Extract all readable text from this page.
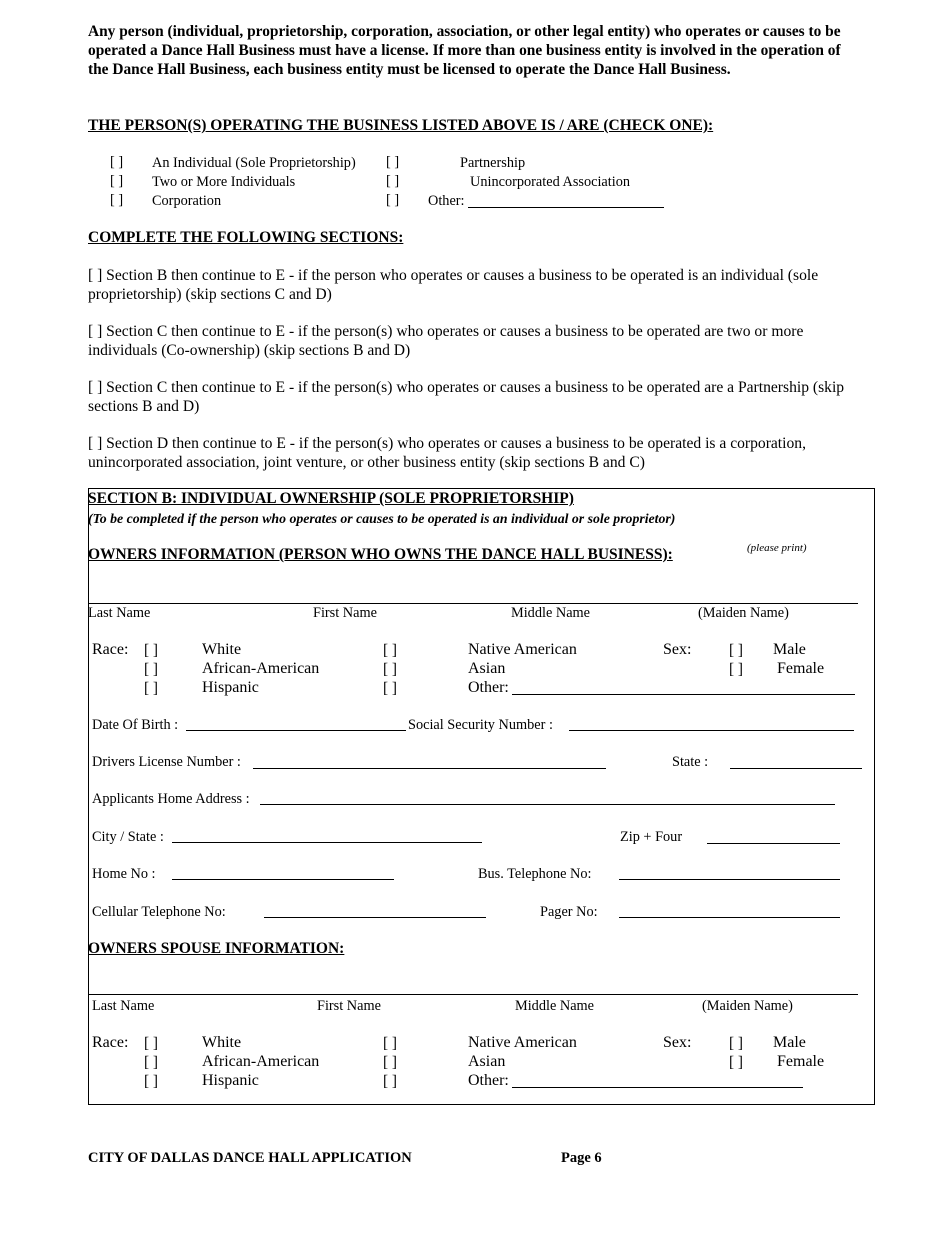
Any person (individual, proprietorship, corporation, association, or other legal entity) who operates or causes to be operated a Dance Hall Business must have a license. If more than one business entity is involved in the operation of the Dance Hall Business, each business entity must be licensed to operate the Dance Hall Business.
THE PERSON(S) OPERATING THE BUSINESS LISTED ABOVE IS / ARE (CHECK ONE):
[ ] An Individual (Sole Proprietorship) [ ]	Partnership
[ ] Two or More Individuals	[ ]	Unincorporated Association
[ ] Corporation	[ ] Other:
COMPLETE THE FOLLOWING SECTIONS:
[ ] Section B then continue to E - if the person who operates or causes a business to be operated is an individual (sole proprietorship) (skip sections C and D)
[ ] Section C then continue to E - if the person(s) who operates or causes a business to be operated are two or more individuals (Co-ownership) (skip sections B and D)
[ ] Section C then continue to E - if the person(s) who operates or causes a business to be operated are a Partnership (skip sections B and D)
[ ] Section D then continue to E - if the person(s) who operates or causes a business to be operated is a corporation, unincorporated association, joint venture, or other business entity (skip sections B and C)
SECTION B: INDIVIDUAL OWNERSHIP (SOLE PROPRIETORSHIP)
(To be completed if the person who operates or causes to be operated is an individual or sole proprietor)
OWNERS INFORMATION (PERSON WHO OWNS THE DANCE HALL BUSINESS):	(please print)
Last Name	First Name	Middle Name	(Maiden Name)
Race: [ ]	White	[ ]	Native American	Sex: [ ] Male
[ ]	African-American	[ ]	Asian	[ ] Female
[ ]	Hispanic	[ ]	Other:
Date Of Birth :	Social Security Number :
Drivers License Number :	State :
Applicants Home Address :
City / State :	Zip + Four
Home No :	Bus. Telephone No:
Cellular Telephone No:	Pager No:
OWNERS SPOUSE INFORMATION:
Last Name	First Name	Middle Name	(Maiden Name)
Race: [ ]	White	[ ]	Native American	Sex: [ ] Male
[ ]	African-American	[ ]	Asian	[ ] Female
[ ]	Hispanic	[ ]	Other:
CITY OF DALLAS DANCE HALL APPLICATION	Page 6
